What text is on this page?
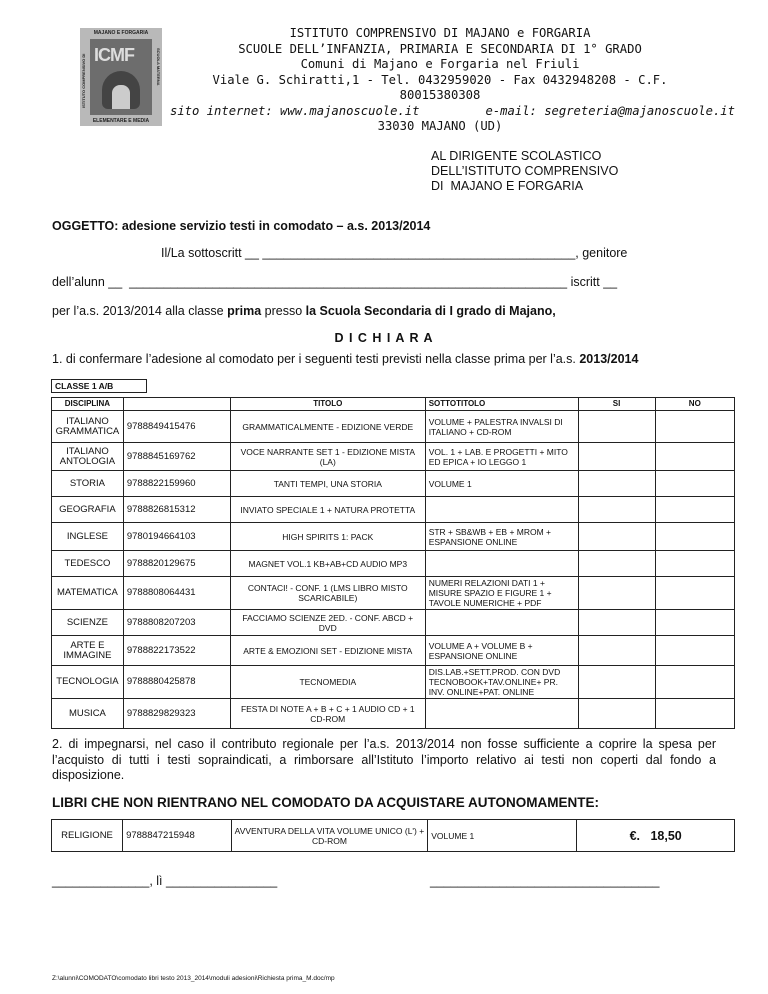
MAJANO E FORGARIA
ISTITUTO COMPRENSIVO DI	SCUOLA MATERNA
ICMF
ELEMENTARE E MEDIA
ISTITUTO COMPRENSIVO DI MAJANO e FORGARIA
SCUOLE DELL’INFANZIA, PRIMARIA E SECONDARIA DI 1° GRADO
Comuni di Majano e Forgaria nel Friuli
Viale G. Schiratti,1 - Tel. 0432959020 - Fax 0432948208 - C.F. 80015380308
sito internet: www.majanoscuole.it         e-mail: segreteria@majanoscuole.it
33030 MAJANO (UD)
AL DIRIGENTE SCOLASTICO
DELL’ISTITUTO COMPRENSIVO
DI  MAJANO E FORGARIA
OGGETTO: adesione servizio testi in comodato – a.s. 2013/2014
Il/La sottoscritt __ _____________________________________________, genitore
dell’alunn __  _______________________________________________________________ iscritt __
per l’a.s. 2013/2014 alla classe prima presso la Scuola Secondaria di I grado di Majano,
D I C H I A R A
1. di confermare l’adesione al comodato per i seguenti testi previsti nella classe prima per l’a.s. 2013/2014
CLASSE 1 A/B
DISCIPLINA		TITOLO	SOTTOTITOLO	SI	NO
ITALIANO GRAMMATICA	9788849415476	GRAMMATICALMENTE - EDIZIONE VERDE	VOLUME + PALESTRA INVALSI DI ITALIANO + CD-ROM		
ITALIANO ANTOLOGIA	9788845169762	VOCE NARRANTE SET 1 - EDIZIONE MISTA (LA)	VOL. 1 + LAB. E PROGETTI + MITO ED EPICA + IO LEGGO 1		
STORIA	9788822159960	TANTI TEMPI, UNA STORIA	VOLUME 1		
GEOGRAFIA	9788826815312	INVIATO SPECIALE 1 + NATURA PROTETTA			
INGLESE	9780194664103	HIGH SPIRITS 1: PACK	STR + SB&WB + EB + MROM + ESPANSIONE ONLINE		
TEDESCO	9788820129675	MAGNET VOL.1 KB+AB+CD AUDIO MP3			
MATEMATICA	9788808064431	CONTACI! - CONF. 1 (LMS LIBRO MISTO SCARICABILE)	NUMERI RELAZIONI DATI 1 + MISURE SPAZIO E FIGURE 1 + TAVOLE NUMERICHE + PDF		
SCIENZE	9788808207203	FACCIAMO SCIENZE 2ED. - CONF. ABCD + DVD			
ARTE E IMMAGINE	9788822173522	ARTE & EMOZIONI SET - EDIZIONE MISTA	VOLUME A + VOLUME B + ESPANSIONE ONLINE		
TECNOLOGIA	9788880425878	TECNOMEDIA	DIS.LAB.+SETT.PROD. CON DVD TECNOBOOK+TAV.ONLINE+ PR. INV. ONLINE+PAT. ONLINE		
MUSICA	9788829829323	FESTA DI NOTE A + B + C + 1 AUDIO CD + 1 CD-ROM			
2. di impegnarsi, nel caso il contributo regionale per l’a.s. 2013/2014 non fosse sufficiente a coprire la spesa per l’acquisto di tutti i testi sopraindicati, a rimborsare all’Istituto l’importo relativo ai testi non coperti dal fondo a disposizione.
LIBRI CHE NON RIENTRANO NEL COMODATO DA ACQUISTARE AUTONOMAMENTE:
RELIGIONE	9788847215948	AVVENTURA DELLA VITA VOLUME UNICO (L') + CD-ROM	VOLUME 1	€.   18,50
______________, lì ________________	_________________________________
Z:\alunni\COMODATO\comodato libri testo 2013_2014\moduli adesioni\Richiesta prima_M.doc/mp
